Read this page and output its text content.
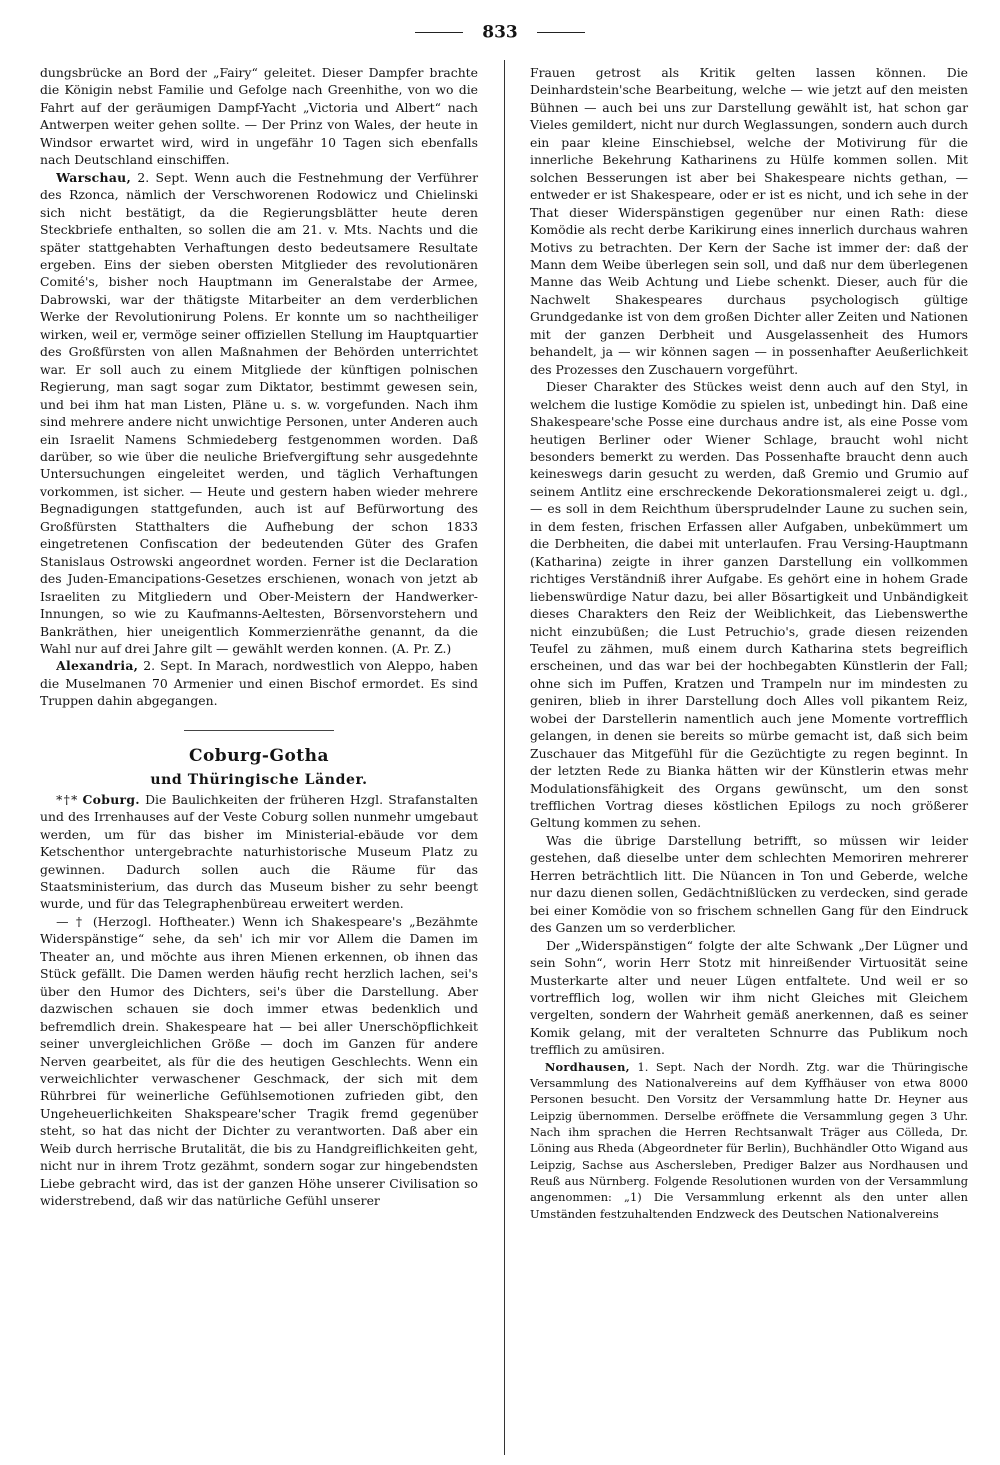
833

dungsbrücke an Bord der „Fairy“ geleitet. Dieser Dampfer brachte die Königin nebst Familie und Gefolge nach Greenhithe, von wo die Fahrt auf der geräumigen Dampf-Yacht „Victoria und Albert“ nach Antwerpen weiter gehen sollte. — Der Prinz von Wales, der heute in Windsor erwartet wird, wird in ungefähr 10 Tagen sich ebenfalls nach Deutschland einschiffen.

Warschau, 2. Sept. Wenn auch die Festnehmung der Verführer des Rzonca, nämlich der Verschworenen Rodowicz und Chielinski sich nicht bestätigt, da die Regierungsblätter heute deren Steckbriefe enthalten, so sollen die am 21. v. Mts. Nachts und die später stattgehabten Verhaftungen desto bedeutsamere Resultate ergeben. Eins der sieben obersten Mitglieder des revolutionären Comité's, bisher noch Hauptmann im Generalstabe der Armee, Dabrowski, war der thätigste Mitarbeiter an dem verderblichen Werke der Revolutionirung Polens. Er konnte um so nachtheiliger wirken, weil er, vermöge seiner offiziellen Stellung im Hauptquartier des Großfürsten von allen Maßnahmen der Behörden unterrichtet war. Er soll auch zu einem Mitgliede der künftigen polnischen Regierung, man sagt sogar zum Diktator, bestimmt gewesen sein, und bei ihm hat man Listen, Pläne u. s. w. vorgefunden. Nach ihm sind mehrere andere nicht unwichtige Personen, unter Anderen auch ein Israelit Namens Schmiedeberg festgenommen worden. Daß darüber, so wie über die neuliche Briefvergiftung sehr ausgedehnte Untersuchungen eingeleitet werden, und täglich Verhaftungen vorkommen, ist sicher. — Heute und gestern haben wieder mehrere Begnadigungen stattgefunden, auch ist auf Befürwortung des Großfürsten Statthalters die Aufhebung der schon 1833 eingetretenen Confiscation der bedeutenden Güter des Grafen Stanislaus Ostrowski angeordnet worden. Ferner ist die Declaration des Juden-Emancipations-Gesetzes erschienen, wonach von jetzt ab Israeliten zu Mitgliedern und Ober-Meistern der Handwerker-Innungen, so wie zu Kaufmanns-Aeltesten, Börsenvorstehern und Bankräthen, hier uneigentlich Kommerzienräthe genannt, da die Wahl nur auf drei Jahre gilt — gewählt werden konnen. (A. Pr. Z.)

Alexandria, 2. Sept. In Marach, nordwestlich von Aleppo, haben die Muselmanen 70 Armenier und einen Bischof ermordet. Es sind Truppen dahin abgegangen.

Coburg-Gotha

und Thüringische Länder.

*†* Coburg. Die Baulichkeiten der früheren Hzgl. Strafanstalten und des Irrenhauses auf der Veste Coburg sollen nunmehr umgebaut werden, um für das bisher im Ministerial-ebäude vor dem Ketschenthor untergebrachte naturhistorische Museum Platz zu gewinnen. Dadurch sollen auch die Räume für das Staatsministerium, das durch das Museum bisher zu sehr beengt wurde, und für das Telegraphenbüreau erweitert werden.

— † (Herzogl. Hoftheater.) Wenn ich Shakespeare's „Bezähmte Widerspänstige“ sehe, da seh' ich mir vor Allem die Damen im Theater an, und möchte aus ihren Mienen erkennen, ob ihnen das Stück gefällt. Die Damen werden häufig recht herzlich lachen, sei's über den Humor des Dichters, sei's über die Darstellung. Aber dazwischen schauen sie doch immer etwas bedenklich und befremdlich drein. Shakespeare hat — bei aller Unerschöpflichkeit seiner unvergleichlichen Größe — doch im Ganzen für andere Nerven gearbeitet, als für die des heutigen Geschlechts. Wenn ein verweichlichter verwaschener Geschmack, der sich mit dem Rührbrei für weinerliche Gefühlsemotionen zufrieden gibt, den Ungeheuerlichkeiten Shakspeare'scher Tragik fremd gegenüber steht, so hat das nicht der Dichter zu verantworten. Daß aber ein Weib durch herrische Brutalität, die bis zu Handgreiflichkeiten geht, nicht nur in ihrem Trotz gezähmt, sondern sogar zur hingebendsten Liebe gebracht wird, das ist der ganzen Höhe unserer Civilisation so widerstrebend, daß wir das natürliche Gefühl unserer

Frauen getrost als Kritik gelten lassen können. Die Deinhardstein'sche Bearbeitung, welche — wie jetzt auf den meisten Bühnen — auch bei uns zur Darstellung gewählt ist, hat schon gar Vieles gemildert, nicht nur durch Weglassungen, sondern auch durch ein paar kleine Einschiebsel, welche der Motivirung für die innerliche Bekehrung Katharinens zu Hülfe kommen sollen. Mit solchen Besserungen ist aber bei Shakespeare nichts gethan, — entweder er ist Shakespeare, oder er ist es nicht, und ich sehe in der That dieser Widerspänstigen gegenüber nur einen Rath: diese Komödie als recht derbe Karikirung eines innerlich durchaus wahren Motivs zu betrachten. Der Kern der Sache ist immer der: daß der Mann dem Weibe überlegen sein soll, und daß nur dem überlegenen Manne das Weib Achtung und Liebe schenkt. Dieser, auch für die Nachwelt Shakespeares durchaus psychologisch gültige Grundgedanke ist von dem großen Dichter aller Zeiten und Nationen mit der ganzen Derbheit und Ausgelassenheit des Humors behandelt, ja — wir können sagen — in possenhafter Aeußerlichkeit des Prozesses den Zuschauern vorgeführt.

Dieser Charakter des Stückes weist denn auch auf den Styl, in welchem die lustige Komödie zu spielen ist, unbedingt hin. Daß eine Shakespeare'sche Posse eine durchaus andre ist, als eine Posse vom heutigen Berliner oder Wiener Schlage, braucht wohl nicht besonders bemerkt zu werden. Das Possenhafte braucht denn auch keineswegs darin gesucht zu werden, daß Gremio und Grumio auf seinem Antlitz eine erschreckende Dekorationsmalerei zeigt u. dgl., — es soll in dem Reichthum übersprudelnder Laune zu suchen sein, in dem festen, frischen Erfassen aller Aufgaben, unbekümmert um die Derbheiten, die dabei mit unterlaufen. Frau Versing-Hauptmann (Katharina) zeigte in ihrer ganzen Darstellung ein vollkommen richtiges Verständniß ihrer Aufgabe. Es gehört eine in hohem Grade liebenswürdige Natur dazu, bei aller Bösartigkeit und Unbändigkeit dieses Charakters den Reiz der Weiblichkeit, das Liebenswerthe nicht einzubüßen; die Lust Petruchio's, grade diesen reizenden Teufel zu zähmen, muß einem durch Katharina stets begreiflich erscheinen, und das war bei der hochbegabten Künstlerin der Fall; ohne sich im Puffen, Kratzen und Trampeln nur im mindesten zu geniren, blieb in ihrer Darstellung doch Alles voll pikantem Reiz, wobei der Darstellerin namentlich auch jene Momente vortrefflich gelangen, in denen sie bereits so mürbe gemacht ist, daß sich beim Zuschauer das Mitgefühl für die Gezüchtigte zu regen beginnt. In der letzten Rede zu Bianka hätten wir der Künstlerin etwas mehr Modulationsfähigkeit des Organs gewünscht, um den sonst trefflichen Vortrag dieses köstlichen Epilogs zu noch größerer Geltung kommen zu sehen.

Was die übrige Darstellung betrifft, so müssen wir leider gestehen, daß dieselbe unter dem schlechten Memoriren mehrerer Herren beträchtlich litt. Die Nüancen in Ton und Geberde, welche nur dazu dienen sollen, Gedächtnißlücken zu verdecken, sind gerade bei einer Komödie von so frischem schnellen Gang für den Eindruck des Ganzen um so verderblicher.

Der „Widerspänstigen“ folgte der alte Schwank „Der Lügner und sein Sohn“, worin Herr Stotz mit hinreißender Virtuosität seine Musterkarte alter und neuer Lügen entfaltete. Und weil er so vortrefflich log, wollen wir ihm nicht Gleiches mit Gleichem vergelten, sondern der Wahrheit gemäß anerkennen, daß es seiner Komik gelang, mit der veralteten Schnurre das Publikum noch trefflich zu amüsiren.

Nordhausen, 1. Sept. Nach der Nordh. Ztg. war die Thüringische Versammlung des Nationalvereins auf dem Kyffhäuser von etwa 8000 Personen besucht. Den Vorsitz der Versammlung hatte Dr. Heyner aus Leipzig übernommen. Derselbe eröffnete die Versammlung gegen 3 Uhr. Nach ihm sprachen die Herren Rechtsanwalt Träger aus Cölleda, Dr. Löning aus Rheda (Abgeordneter für Berlin), Buchhändler Otto Wigand aus Leipzig, Sachse aus Aschersleben, Prediger Balzer aus Nordhausen und Reuß aus Nürnberg. Folgende Resolutionen wurden von der Versammlung angenommen: „1) Die Versammlung erkennt als den unter allen Umständen festzuhaltenden Endzweck des Deutschen Nationalvereins
